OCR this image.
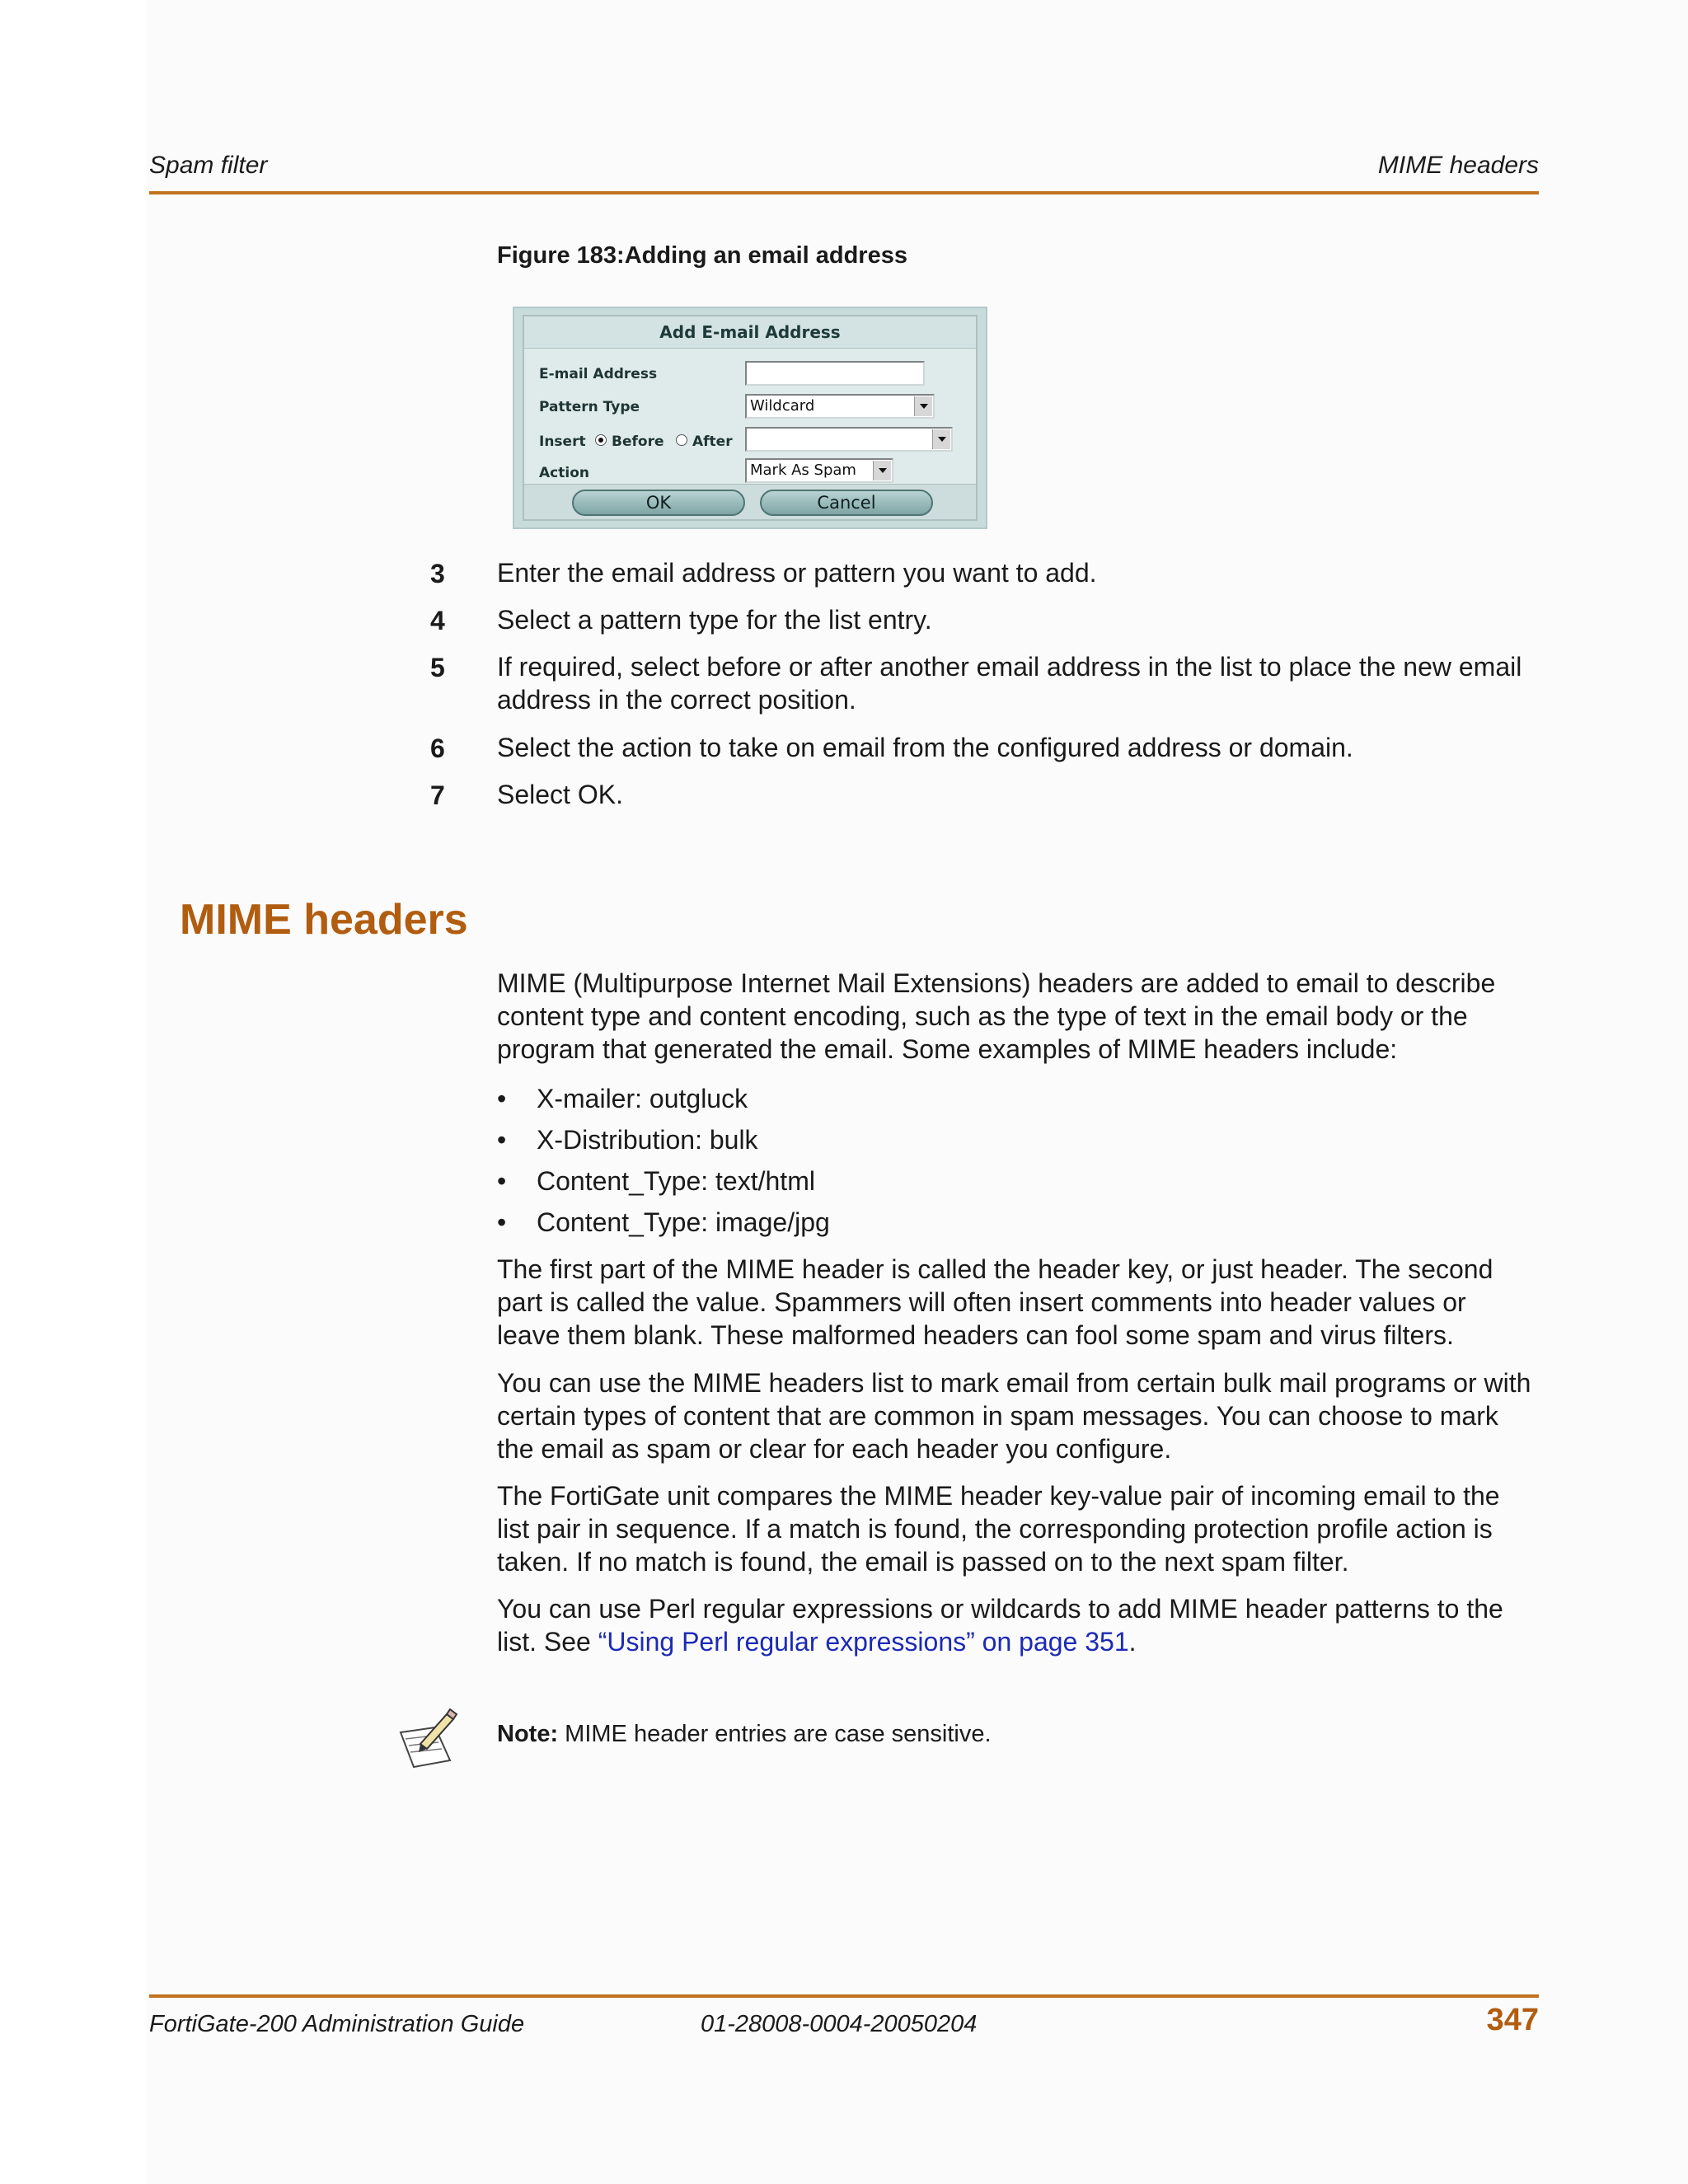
Spam filter	MIME headers
Figure 183:Adding an email address
Add E-mail Address
E-mail Address
Pattern Type	Wildcard
Insert Before After
Action	Mark As Spam
OK	Cancel
3 Enter the email address or pattern you want to add.
4 Select a pattern type for the list entry.
5 If required, select before or after another email address in the list to place the new email address in the correct position.
6 Select the action to take on email from the configured address or domain.
7 Select OK.
MIME headers
MIME (Multipurpose Internet Mail Extensions) headers are added to email to describe content type and content encoding, such as the type of text in the email body or the program that generated the email. Some examples of MIME headers include:
• X-mailer: outgluck
• X-Distribution: bulk
• Content_Type: text/html
• Content_Type: image/jpg
The first part of the MIME header is called the header key, or just header. The second part is called the value. Spammers will often insert comments into header values or leave them blank. These malformed headers can fool some spam and virus filters.
You can use the MIME headers list to mark email from certain bulk mail programs or with certain types of content that are common in spam messages. You can choose to mark the email as spam or clear for each header you configure.
The FortiGate unit compares the MIME header key-value pair of incoming email to the list pair in sequence. If a match is found, the corresponding protection profile action is taken. If no match is found, the email is passed on to the next spam filter.
You can use Perl regular expressions or wildcards to add MIME header patterns to the list. See “Using Perl regular expressions” on page 351.
Note: MIME header entries are case sensitive.
FortiGate-200 Administration Guide	01-28008-0004-20050204	347
